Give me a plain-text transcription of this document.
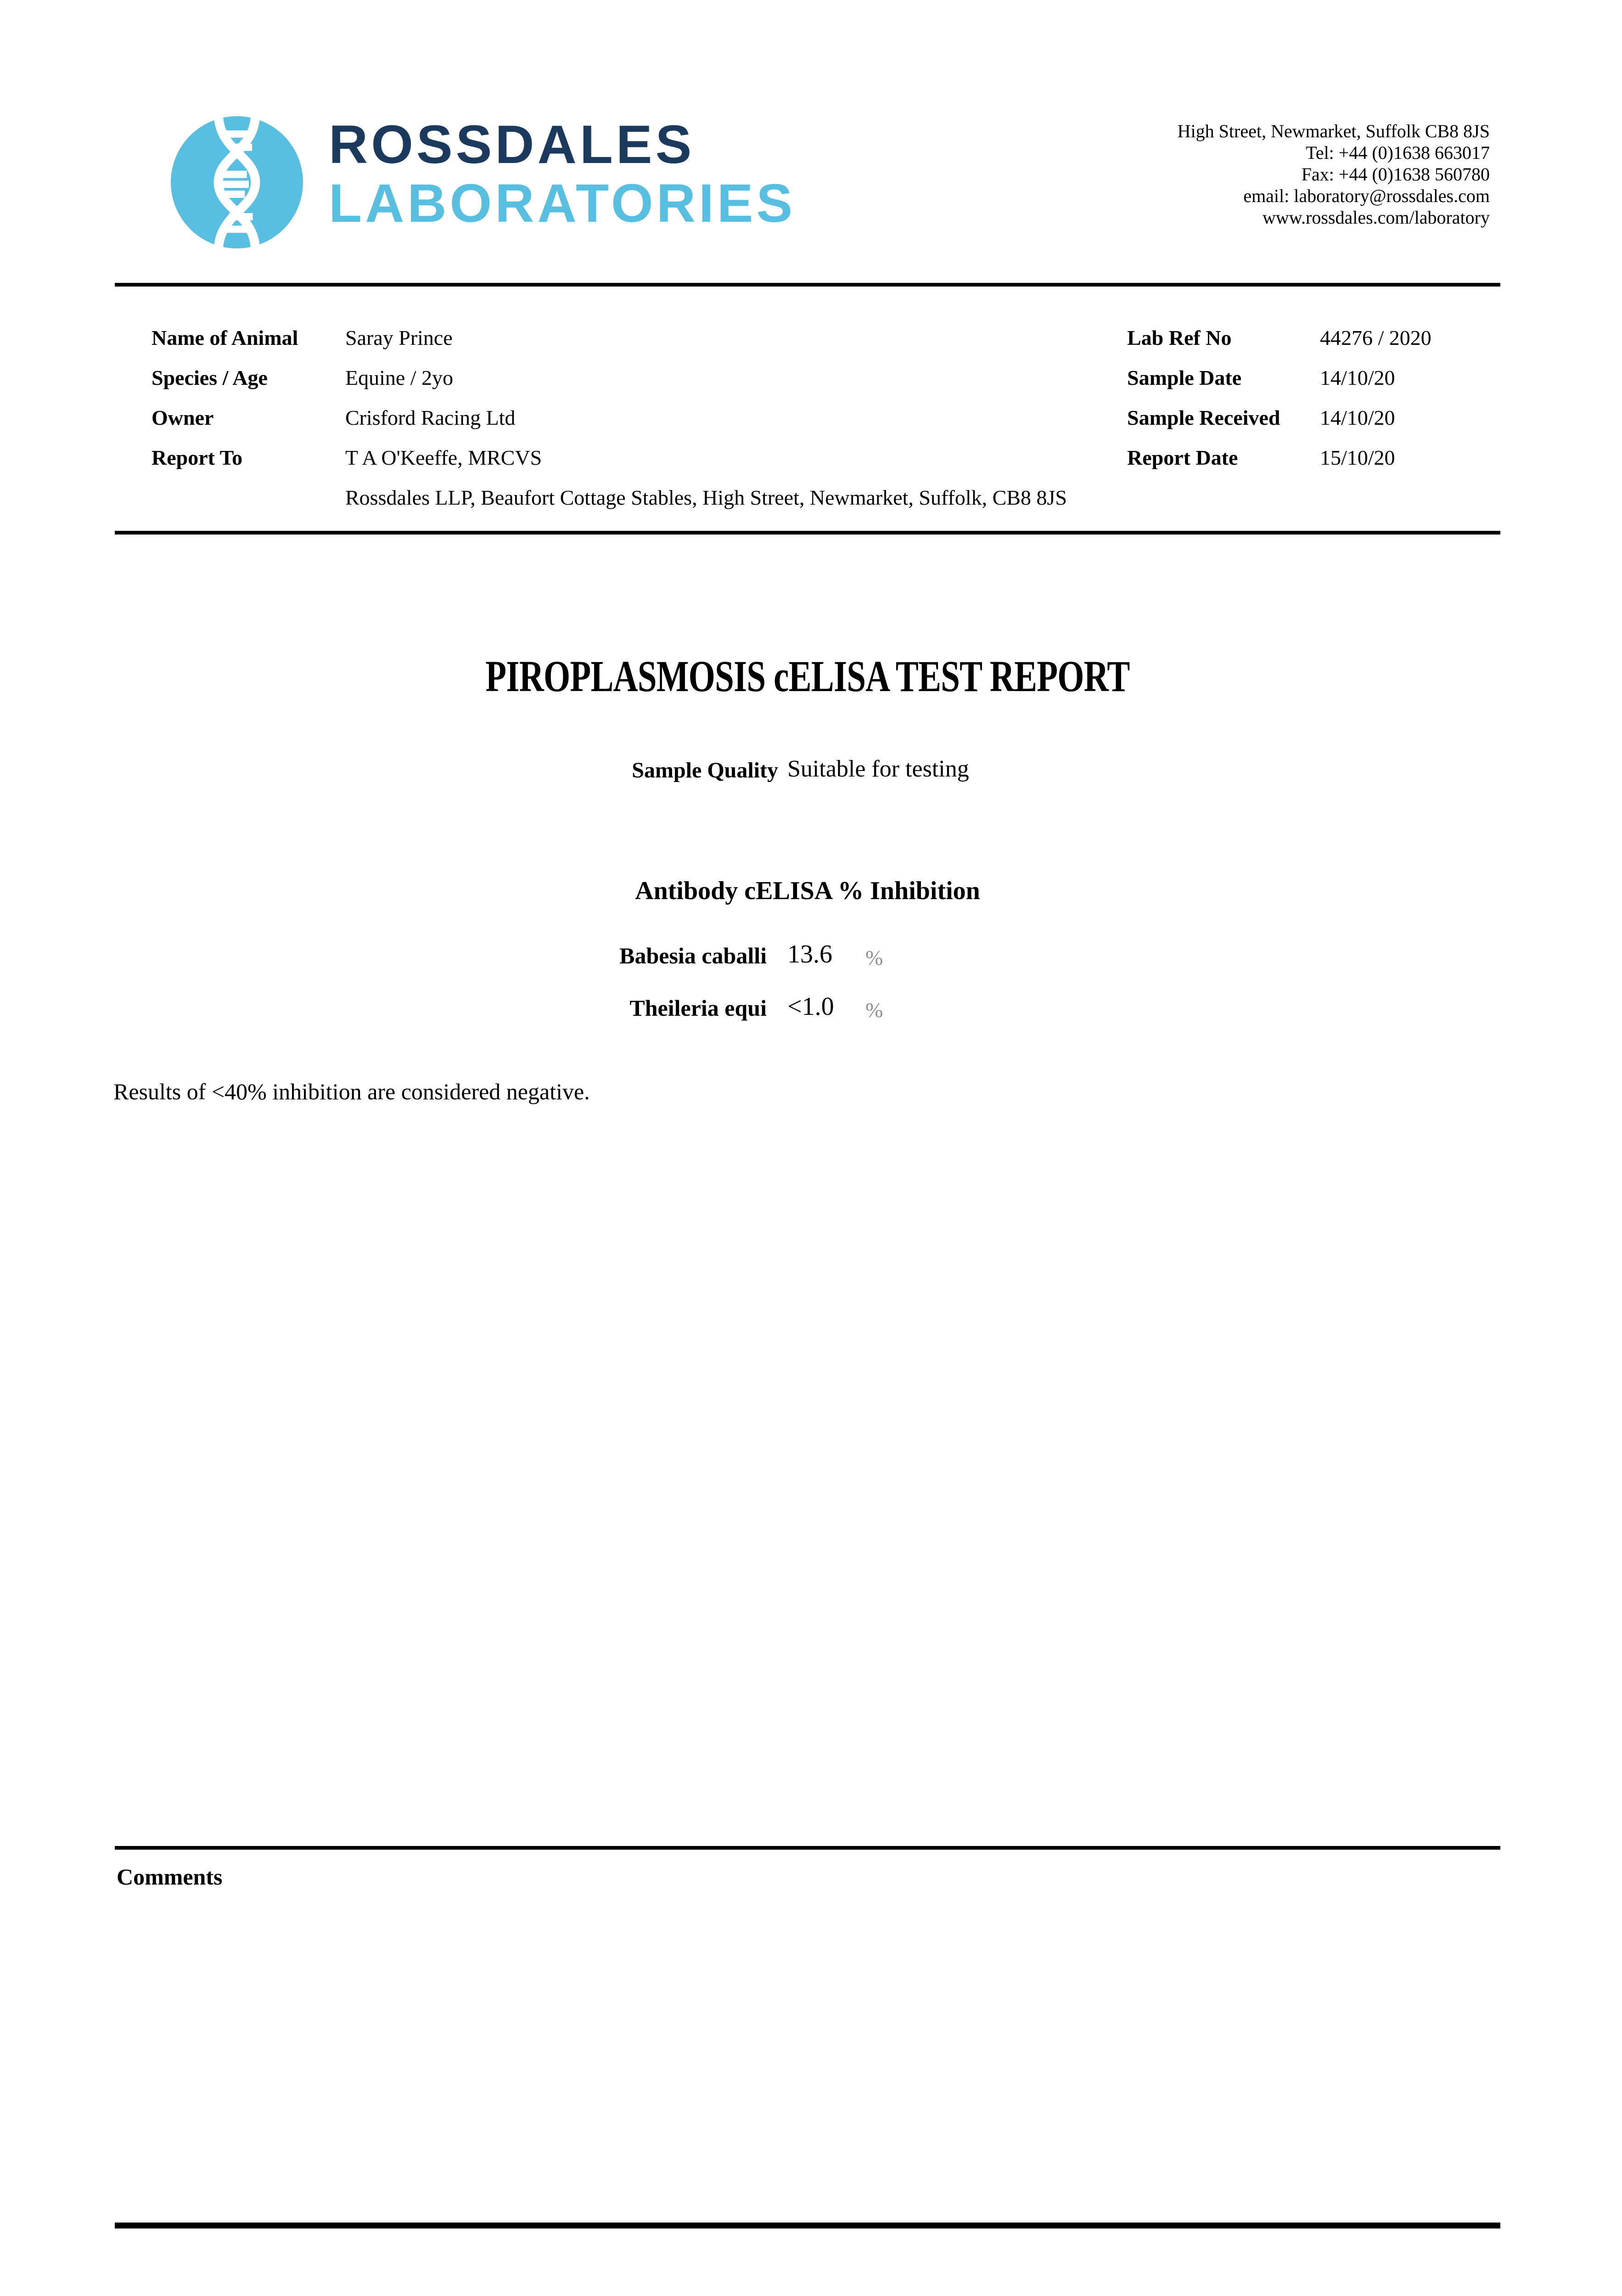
ROSSDALES
LABORATORIES
High Street, Newmarket, Suffolk CB8 8JS
Tel: +44 (0)1638 663017
Fax: +44 (0)1638 560780
email: laboratory@rossdales.com
www.rossdales.com/laboratory
Name of Animal Saray Prince
Species / Age	Equine / 2yo
Owner	Crisford Racing Ltd
Report To	T A O'Keeffe, MRCVS
Rossdales LLP, Beaufort Cottage Stables, High Street, Newmarket, Suffolk, CB8 8JS
Lab Ref No	44276 / 2020
Sample Date	14/10/20
Sample Received 14/10/20
Report Date	15/10/20
PIROPLASMOSIS cELISA TEST REPORT
Sample Quality Suitable for testing
Antibody cELISA % Inhibition
Babesia caballi 13.6 %
Theileria equi <1.0 %
Results of <40% inhibition are considered negative.
Comments
